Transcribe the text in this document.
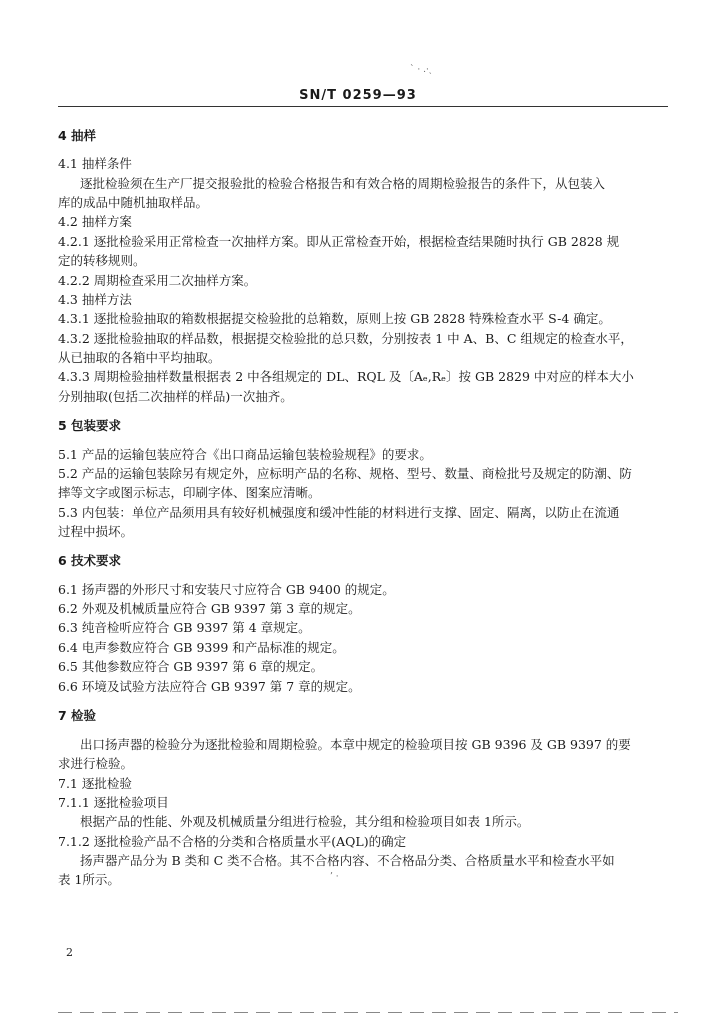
SN/T 0259—93
ˋ · .·ˎ
’ ·
4 抽样
4.1 抽样条件
逐批检验须在生产厂提交报验批的检验合格报告和有效合格的周期检验报告的条件下，从包装入
库的成品中随机抽取样品。
4.2 抽样方案
4.2.1 逐批检验采用正常检查一次抽样方案。即从正常检查开始，根据检查结果随时执行 GB 2828 规
定的转移规则。
4.2.2 周期检查采用二次抽样方案。
4.3 抽样方法
4.3.1 逐批检验抽取的箱数根据提交检验批的总箱数，原则上按 GB 2828 特殊检查水平 S-4 确定。
4.3.2 逐批检验抽取的样品数，根据提交检验批的总只数，分别按表 1 中 A、B、C 组规定的检查水平，
从已抽取的各箱中平均抽取。
4.3.3 周期检验抽样数量根据表 2 中各组规定的 DL、RQL 及〔Aₑ,Rₑ〕按 GB 2829 中对应的样本大小
分别抽取(包括二次抽样的样品)一次抽齐。
5 包装要求
5.1 产品的运输包装应符合《出口商品运输包装检验规程》的要求。
5.2 产品的运输包装除另有规定外，应标明产品的名称、规格、型号、数量、商检批号及规定的防潮、防
摔等文字或图示标志，印刷字体、图案应清晰。
5.3 内包装：单位产品须用具有较好机械强度和缓冲性能的材料进行支撑、固定、隔离，以防止在流通
过程中损坏。
6 技术要求
6.1 扬声器的外形尺寸和安装尺寸应符合 GB 9400 的规定。
6.2 外观及机械质量应符合 GB 9397 第 3 章的规定。
6.3 纯音检听应符合 GB 9397 第 4 章规定。
6.4 电声参数应符合 GB 9399 和产品标准的规定。
6.5 其他参数应符合 GB 9397 第 6 章的规定。
6.6 环境及试验方法应符合 GB 9397 第 7 章的规定。
7 检验
出口扬声器的检验分为逐批检验和周期检验。本章中规定的检验项目按 GB 9396 及 GB 9397 的要
求进行检验。
7.1 逐批检验
7.1.1 逐批检验项目
根据产品的性能、外观及机械质量分组进行检验，其分组和检验项目如表 1所示。
7.1.2 逐批检验产品不合格的分类和合格质量水平(AQL)的确定
扬声器产品分为 B 类和 C 类不合格。其不合格内容、不合格品分类、合格质量水平和检查水平如
表 1所示。
2
